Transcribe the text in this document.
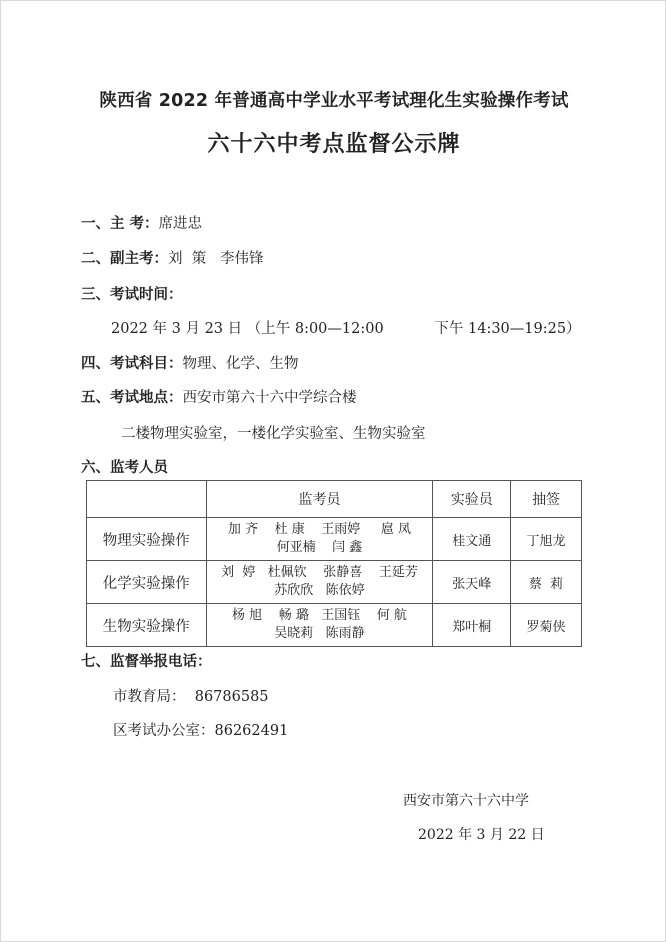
陕西省 2022 年普通高中学业水平考试理化生实验操作考试
六十六中考点监督公示牌
一、主 考：席进忠
二、副主考：刘  策   李伟锋
三、考试时间：
2022 年 3 月 23 日 （上午 8:00—12:00           下午 14:30—19:25）
四、考试科目：物理、化学、生物
五、考试地点：西安市第六十六中学综合楼
二楼物理实验室，一楼化学实验室、生物实验室
六、监考人员
	监考员	实验员	抽签
物理实验操作	加 齐    杜 康    王雨婷     扈 凤
何亚楠    闫 鑫	桂文通	丁旭龙
化学实验操作	刘  婷   杜佩钦    张静喜    王延芳
苏欣欣   陈依婷	张天峰	蔡  莉
生物实验操作	杨 旭    畅 璐   王国钰    何 航
吴晓莉   陈雨静	郑叶桐	罗菊侠
七、监督举报电话：
市教育局：  86786585
区考试办公室：86262491
西安市第六十六中学
2022 年 3 月 22 日
